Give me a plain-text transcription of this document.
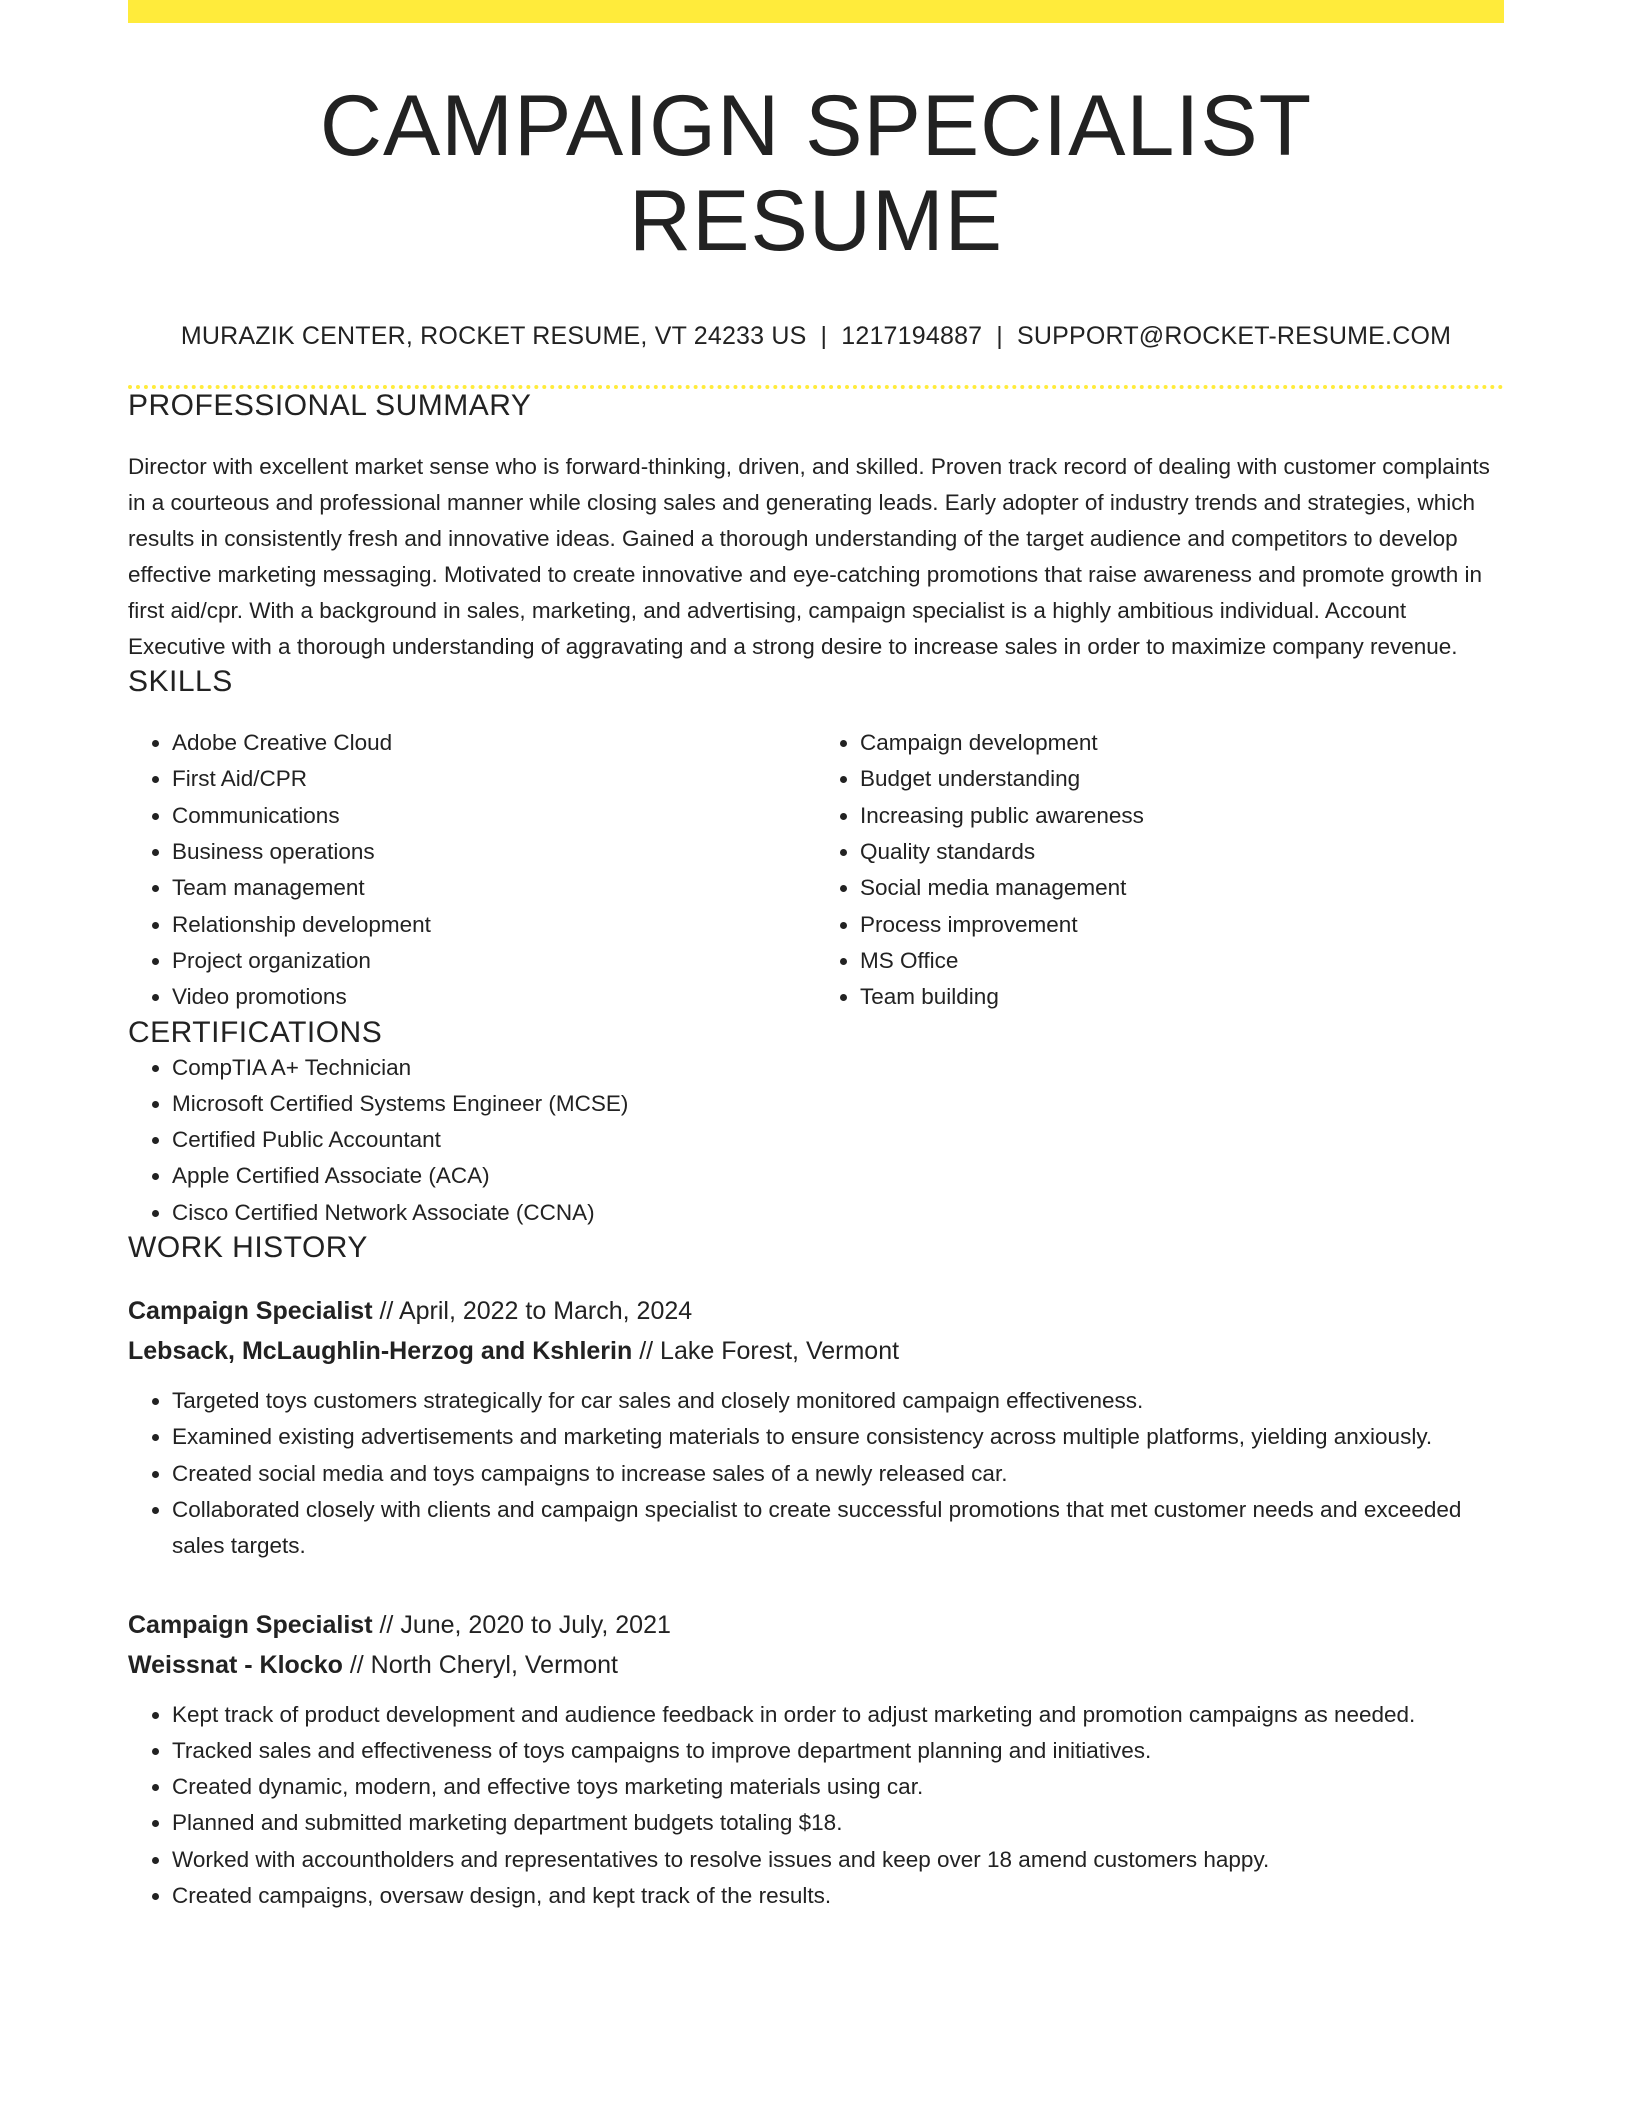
CAMPAIGN SPECIALIST RESUME
MURAZIK CENTER, ROCKET RESUME, VT 24233 US | 1217194887 | SUPPORT@ROCKET-RESUME.COM
PROFESSIONAL SUMMARY
Director with excellent market sense who is forward-thinking, driven, and skilled. Proven track record of dealing with customer complaints in a courteous and professional manner while closing sales and generating leads. Early adopter of industry trends and strategies, which results in consistently fresh and innovative ideas. Gained a thorough understanding of the target audience and competitors to develop effective marketing messaging. Motivated to create innovative and eye-catching promotions that raise awareness and promote growth in first aid/cpr. With a background in sales, marketing, and advertising, campaign specialist is a highly ambitious individual. Account Executive with a thorough understanding of aggravating and a strong desire to increase sales in order to maximize company revenue.
SKILLS
• Adobe Creative Cloud
• First Aid/CPR
• Communications
• Business operations
• Team management
• Relationship development
• Project organization
• Video promotions
• Campaign development
• Budget understanding
• Increasing public awareness
• Quality standards
• Social media management
• Process improvement
• MS Office
• Team building
CERTIFICATIONS
• CompTIA A+ Technician
• Microsoft Certified Systems Engineer (MCSE)
• Certified Public Accountant
• Apple Certified Associate (ACA)
• Cisco Certified Network Associate (CCNA)
WORK HISTORY
Campaign Specialist // April, 2022 to March, 2024
Lebsack, McLaughlin-Herzog and Kshlerin // Lake Forest, Vermont
• Targeted toys customers strategically for car sales and closely monitored campaign effectiveness.
• Examined existing advertisements and marketing materials to ensure consistency across multiple platforms, yielding anxiously.
• Created social media and toys campaigns to increase sales of a newly released car.
• Collaborated closely with clients and campaign specialist to create successful promotions that met customer needs and exceeded sales targets.
Campaign Specialist // June, 2020 to July, 2021
Weissnat - Klocko // North Cheryl, Vermont
• Kept track of product development and audience feedback in order to adjust marketing and promotion campaigns as needed.
• Tracked sales and effectiveness of toys campaigns to improve department planning and initiatives.
• Created dynamic, modern, and effective toys marketing materials using car.
• Planned and submitted marketing department budgets totaling $18.
• Worked with accountholders and representatives to resolve issues and keep over 18 amend customers happy.
• Created campaigns, oversaw design, and kept track of the results.
